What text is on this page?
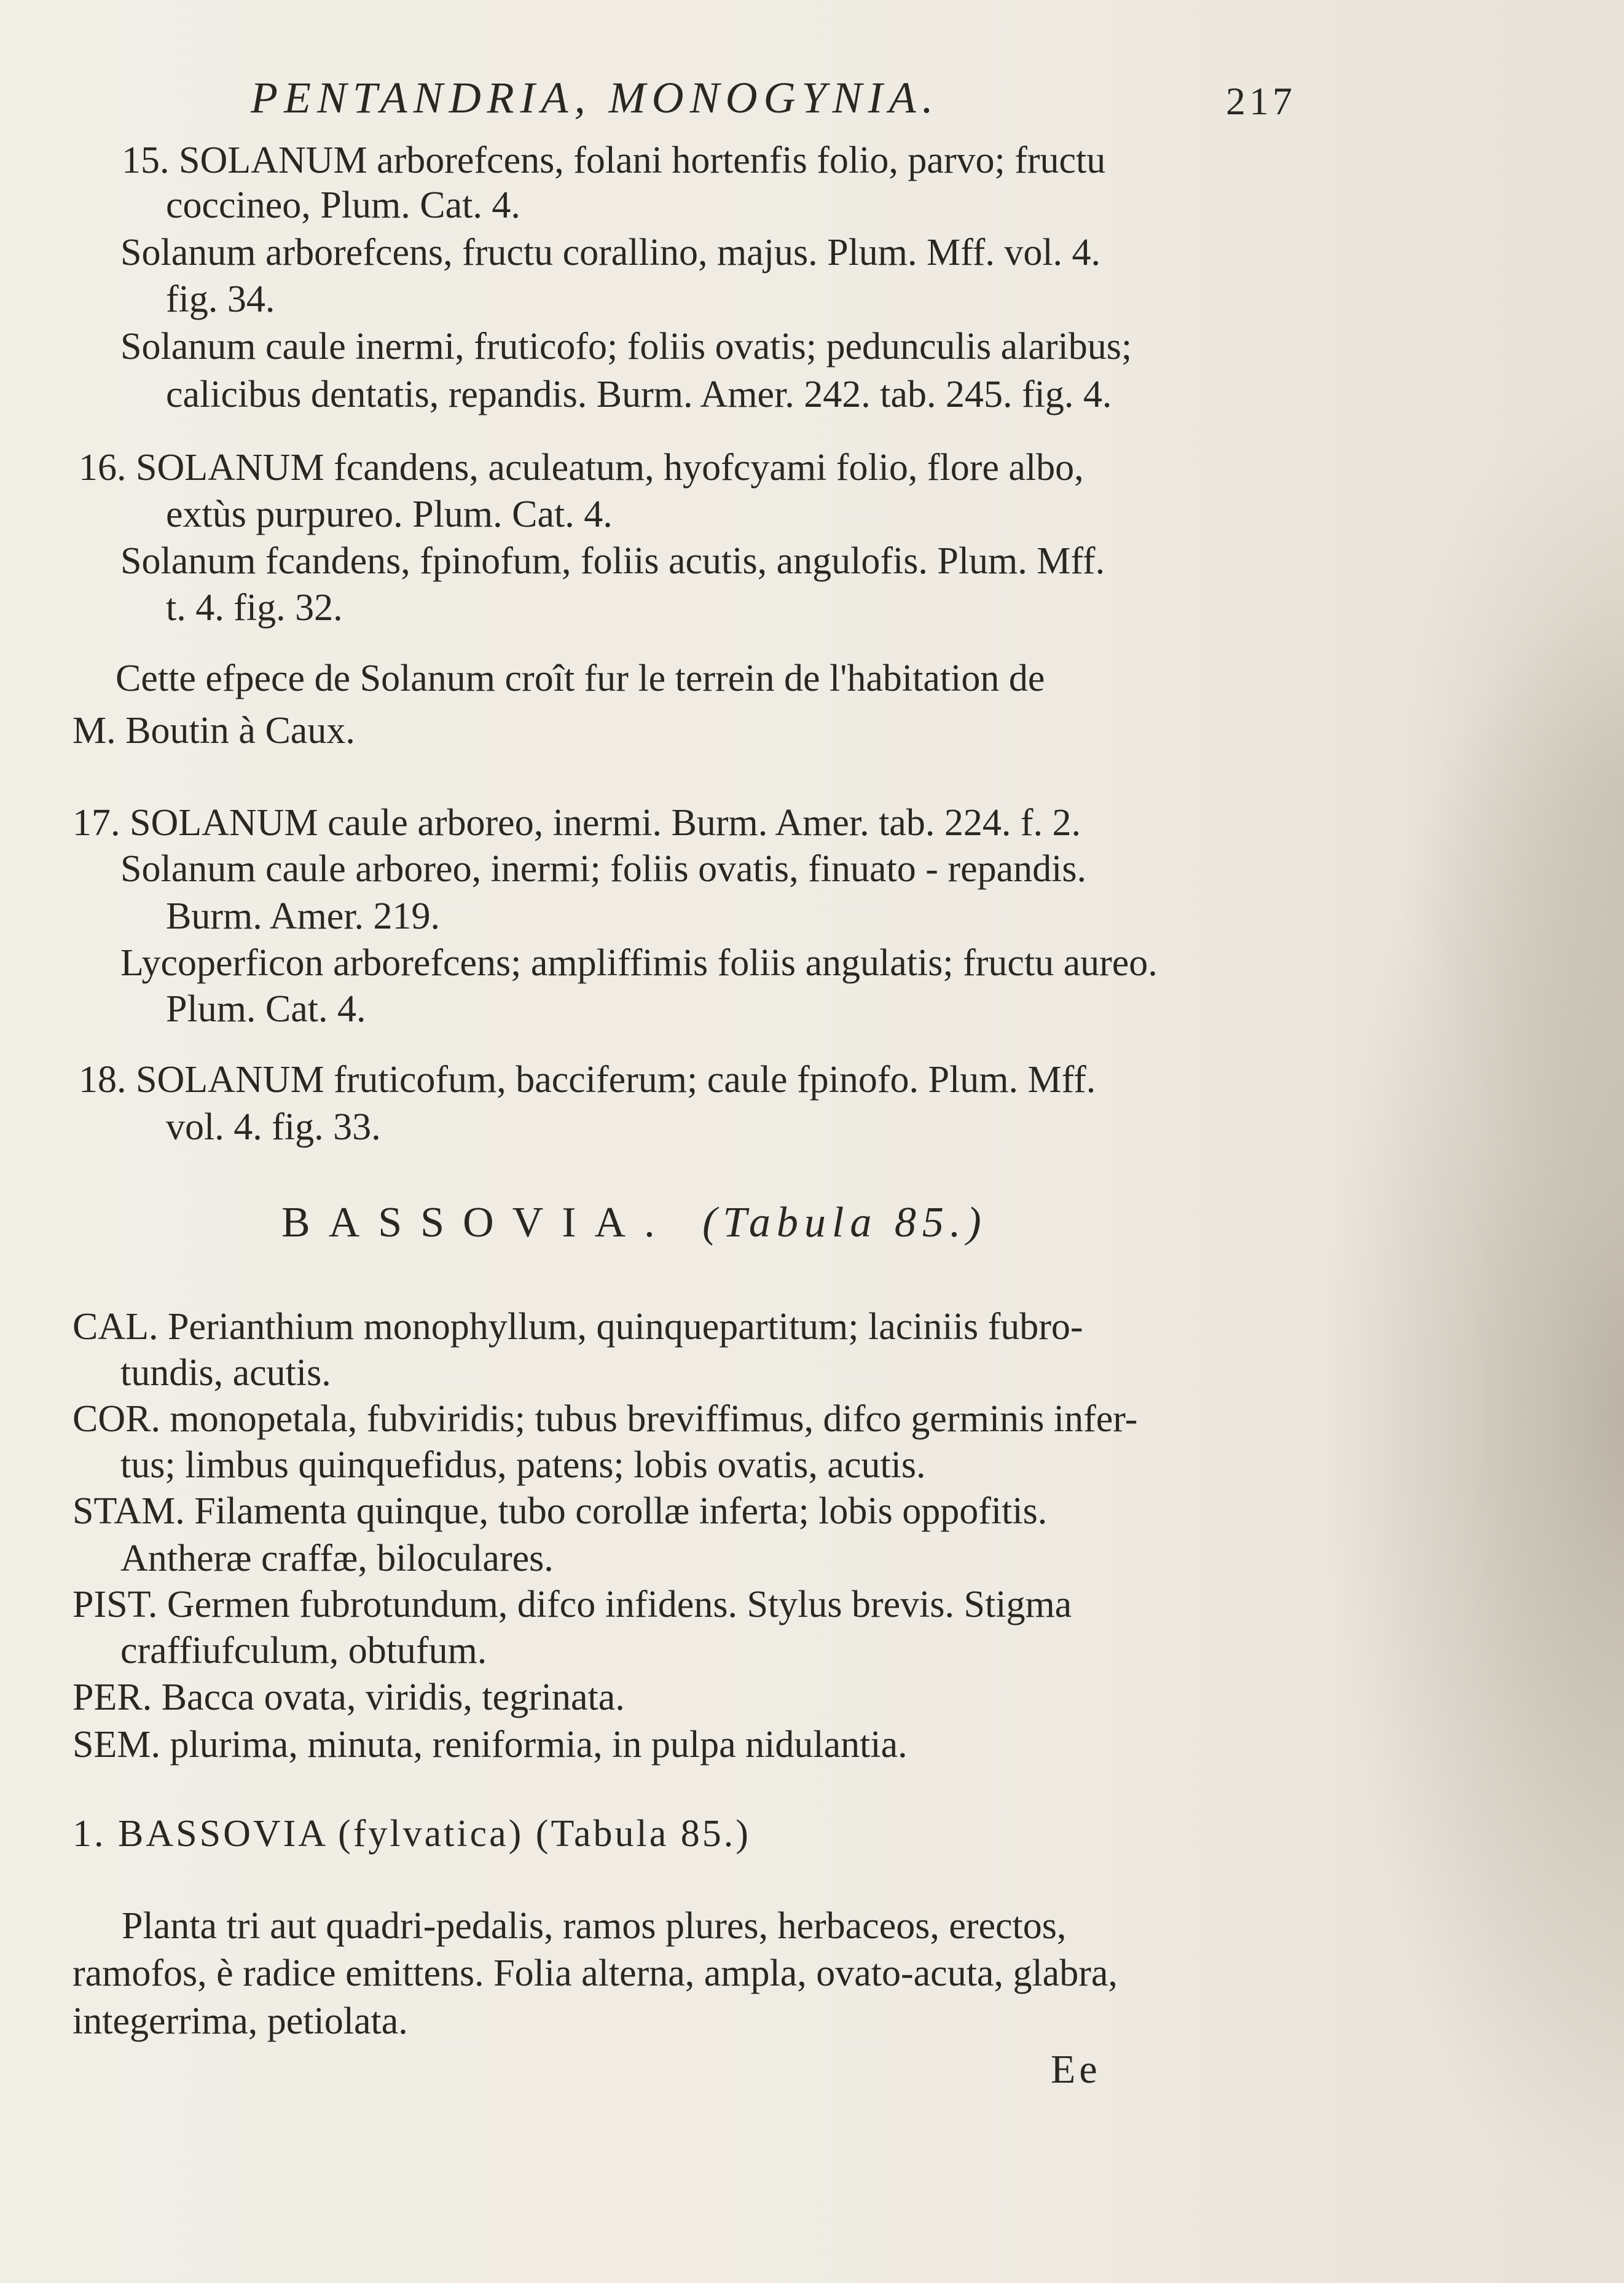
PENTANDRIA, MONOGYNIA.	217
15. SOLANUM arborefcens, folani hortenfis folio, parvo; fructu
coccineo, Plum. Cat. 4.
Solanum arborefcens, fructu corallino, majus. Plum. Mff. vol. 4.
fig. 34.
Solanum caule inermi, fruticofo; foliis ovatis; pedunculis alaribus;
calicibus dentatis, repandis. Burm. Amer. 242. tab. 245. fig. 4.
16. SOLANUM fcandens, aculeatum, hyofcyami folio, flore albo,
extùs purpureo. Plum. Cat. 4.
Solanum fcandens, fpinofum, foliis acutis, angulofis. Plum. Mff.
t. 4. fig. 32.
Cette efpece de Solanum croît fur le terrein de l'habitation de
M. Boutin à Caux.
17. SOLANUM caule arboreo, inermi. Burm. Amer. tab. 224. f. 2.
Solanum caule arboreo, inermi; foliis ovatis, finuato - repandis.
Burm. Amer. 219.
Lycoperficon arborefcens; ampliffimis foliis angulatis; fructu aureo.
Plum. Cat. 4.
18. SOLANUM fruticofum, bacciferum; caule fpinofo. Plum. Mff.
vol. 4. fig. 33.
BASSOVIA. (Tabula 85.)
CAL. Perianthium monophyllum, quinquepartitum; laciniis fubro-
tundis, acutis.
COR. monopetala, fubviridis; tubus breviffimus, difco germinis infer-
tus; limbus quinquefidus, patens; lobis ovatis, acutis.
STAM. Filamenta quinque, tubo corollæ inferta; lobis oppofitis.
Antheræ craffæ, biloculares.
PIST. Germen fubrotundum, difco infidens. Stylus brevis. Stigma
craffiufculum, obtufum.
PER. Bacca ovata, viridis, tegrinata.
SEM. plurima, minuta, reniformia, in pulpa nidulantia.
1. BASSOVIA (fylvatica) (Tabula 85.)
Planta tri aut quadri-pedalis, ramos plures, herbaceos, erectos,
ramofos, è radice emittens. Folia alterna, ampla, ovato-acuta, glabra,
integerrima, petiolata.
Ee
